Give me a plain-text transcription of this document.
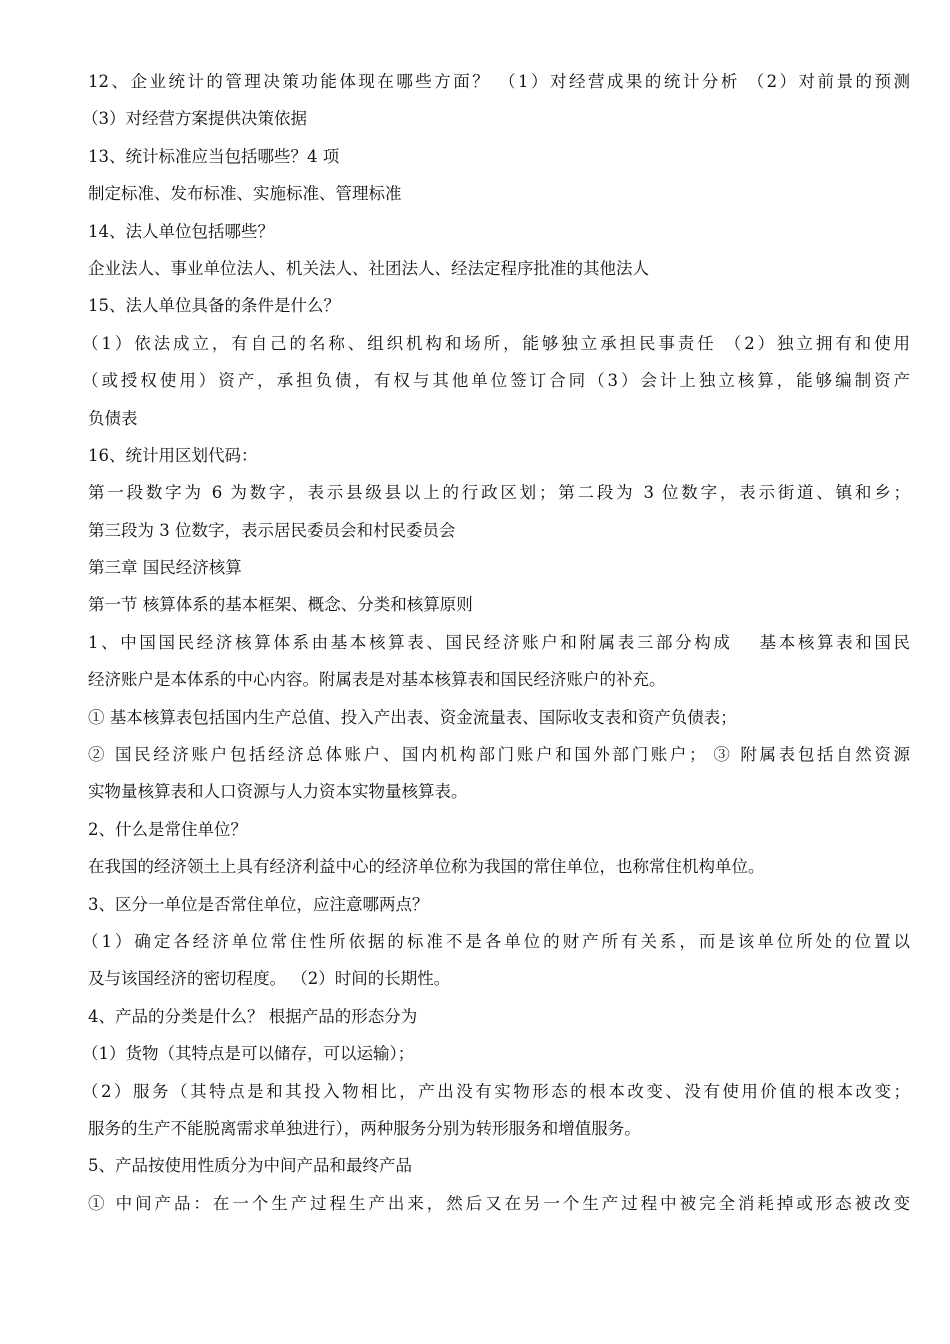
12、企业统计的管理决策功能体现在哪些方面？ （1）对经营成果的统计分析 （2）对前景的预测
（3）对经营方案提供决策依据
13、统计标准应当包括哪些？4 项
制定标准、发布标准、实施标准、管理标准
14、法人单位包括哪些？
企业法人、事业单位法人、机关法人、社团法人、经法定程序批准的其他法人
15、法人单位具备的条件是什么？
（1）依法成立，有自己的名称、组织机构和场所，能够独立承担民事责任 （2）独立拥有和使用
（或授权使用）资产，承担负债，有权与其他单位签订合同（3）会计上独立核算，能够编制资产
负债表
16、统计用区划代码：
第一段数字为 6 为数字，表示县级县以上的行政区划；第二段为 3 位数字，表示街道、镇和乡；
第三段为 3 位数字，表示居民委员会和村民委员会
第三章 国民经济核算
第一节 核算体系的基本框架、概念、分类和核算原则
1、中国国民经济核算体系由基本核算表、国民经济账户和附属表三部分构成　 基本核算表和国民
经济账户是本体系的中心内容。附属表是对基本核算表和国民经济账户的补充。
① 基本核算表包括国内生产总值、投入产出表、资金流量表、国际收支表和资产负债表；
② 国民经济账户包括经济总体账户、国内机构部门账户和国外部门账户； ③ 附属表包括自然资源
实物量核算表和人口资源与人力资本实物量核算表。
2、什么是常住单位？
在我国的经济领土上具有经济利益中心的经济单位称为我国的常住单位，也称常住机构单位。
3、区分一单位是否常住单位，应注意哪两点？
（1）确定各经济单位常住性所依据的标准不是各单位的财产所有关系，而是该单位所处的位置以
及与该国经济的密切程度。 （2）时间的长期性。
4、产品的分类是什么？ 根据产品的形态分为
（1）货物（其特点是可以储存，可以运输）；
（2）服务（其特点是和其投入物相比，产出没有实物形态的根本改变、没有使用价值的根本改变；
服务的生产不能脱离需求单独进行），两种服务分别为转形服务和增值服务。
5、产品按使用性质分为中间产品和最终产品
① 中间产品：在一个生产过程生产出来，然后又在另一个生产过程中被完全消耗掉或形态被改变
